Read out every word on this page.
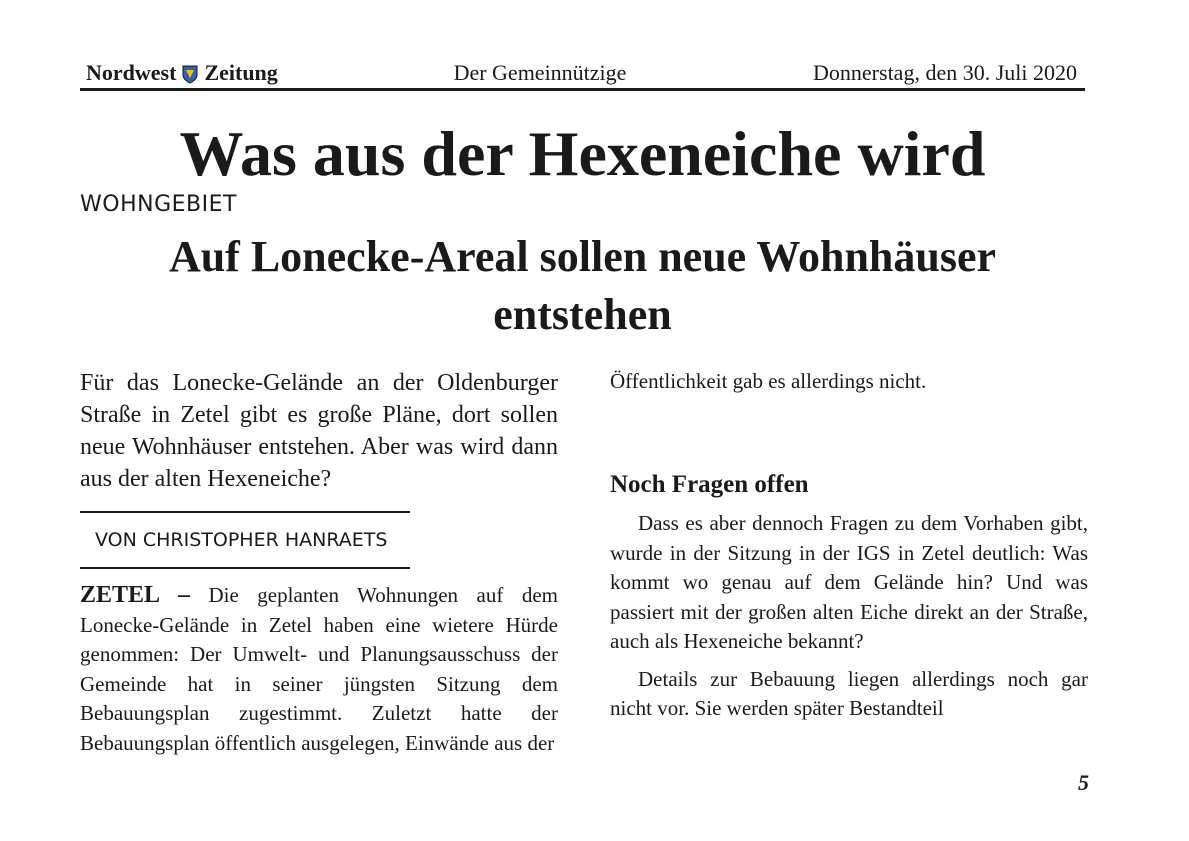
Nordwest Zeitung	Der Gemeinnützige	Donnerstag, den 30. Juli 2020
Was aus der Hexeneiche wird
WOHNGEBIET
Auf Lonecke-Areal sollen neue Wohnhäuser entstehen

Für das Lonecke-Gelände an der Oldenburger Straße in Zetel gibt es große Pläne, dort sollen neue Wohnhäuser entstehen. Aber was wird dann aus der alten Hexeneiche?

VON CHRISTOPHER HANRAETS

ZETEL – Die geplanten Wohnungen auf dem Lonecke-Gelände in Zetel haben eine wietere Hürde genommen: Der Umwelt- und Planungsausschuss der Gemeinde hat in seiner jüngsten Sitzung dem Bebauungsplan zugestimmt. Zuletzt hatte der Bebauungsplan öffentlich ausgelegen, Einwände aus der

Öffentlichkeit gab es allerdings nicht.

Noch Fragen offen

Dass es aber dennoch Fragen zu dem Vorhaben gibt, wurde in der Sitzung in der IGS in Zetel deutlich: Was kommt wo genau auf dem Gelände hin? Und was passiert mit der großen alten Eiche direkt an der Straße, auch als Hexeneiche bekannt?

Details zur Bebauung liegen allerdings noch gar nicht vor. Sie werden später Bestandteil

5
